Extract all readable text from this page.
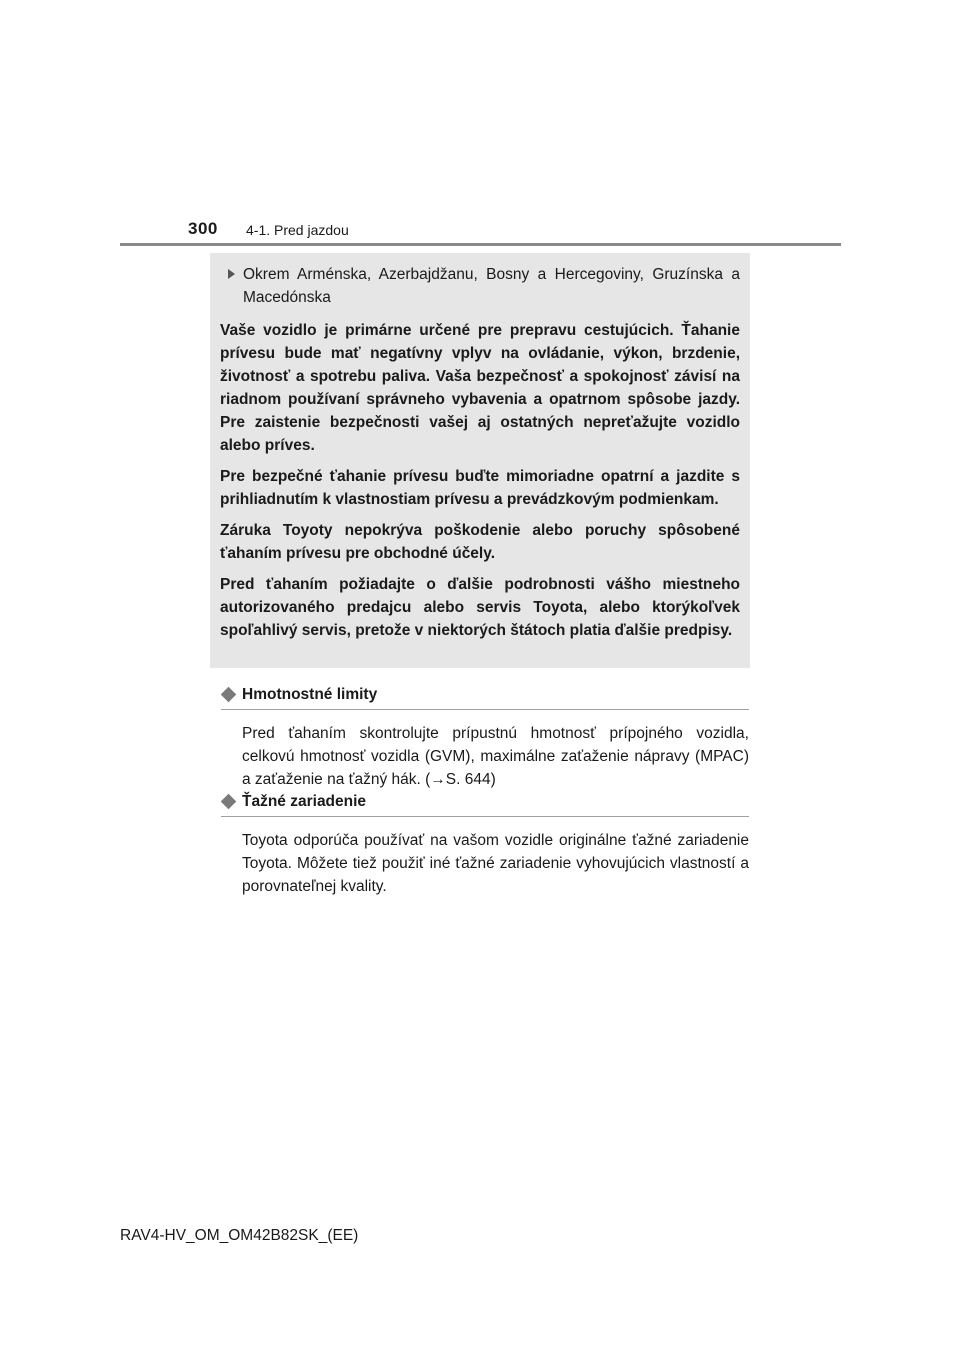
300 4-1. Pred jazdou
Okrem Arménska, Azerbajdžanu, Bosny a Hercegoviny, Gruzínska a Macedónska

Vaše vozidlo je primárne určené pre prepravu cestujúcich. Ťahanie prívesu bude mať negatívny vplyv na ovládanie, výkon, brzdenie, životnosť a spotrebu paliva. Vaša bezpečnosť a spokojnosť závisí na riadnom používaní správneho vybavenia a opatrnom spôsobe jazdy. Pre zaistenie bezpečnosti vašej aj ostatných nepreťažujte vozidlo alebo príves.

Pre bezpečné ťahanie prívesu buďte mimoriadne opatrní a jazdite s prihliadnutím k vlastnostiam prívesu a prevádzkovým podmienkam.

Záruka Toyoty nepokrýva poškodenie alebo poruchy spôsobené ťahaním prívesu pre obchodné účely.

Pred ťahaním požiadajte o ďalšie podrobnosti vášho miestneho autorizovaného predajcu alebo servis Toyota, alebo ktorýkoľvek spoľahlivý servis, pretože v niektorých štátoch platia ďalšie predpisy.

Hmotnostné limity
Pred ťahaním skontrolujte prípustnú hmotnosť prípojného vozidla, celkovú hmotnosť vozidla (GVM), maximálne zaťaženie nápravy (MPAC) a zaťaženie na ťažný hák. (→S. 644)
Ťažné zariadenie
Toyota odporúča používať na vašom vozidle originálne ťažné zariadenie Toyota. Môžete tiež použiť iné ťažné zariadenie vyhovujúcich vlastností a porovnateľnej kvality.
RAV4-HV_OM_OM42B82SK_(EE)
